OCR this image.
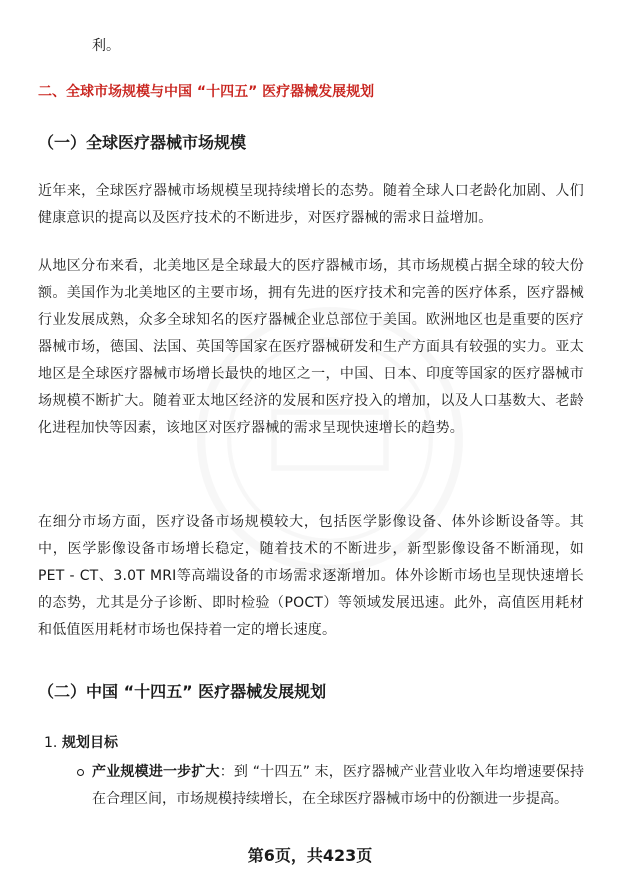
利。
二、全球市场规模与中国 “十四五” 医疗器械发展规划
（一）全球医疗器械市场规模

近年来，全球医疗器械市场规模呈现持续增长的态势。随着全球人口老龄化加剧、人们健康意识的提高以及医疗技术的不断进步，对医疗器械的需求日益增加。

从地区分布来看，北美地区是全球最大的医疗器械市场，其市场规模占据全球的较大份额。美国作为北美地区的主要市场，拥有先进的医疗技术和完善的医疗体系，医疗器械行业发展成熟，众多全球知名的医疗器械企业总部位于美国。欧洲地区也是重要的医疗器械市场，德国、法国、英国等国家在医疗器械研发和生产方面具有较强的实力。亚太地区是全球医疗器械市场增长最快的地区之一，中国、日本、印度等国家的医疗器械市场规模不断扩大。随着亚太地区经济的发展和医疗投入的增加，以及人口基数大、老龄化进程加快等因素，该地区对医疗器械的需求呈现快速增长的趋势。

在细分市场方面，医疗设备市场规模较大，包括医学影像设备、体外诊断设备等。其中，医学影像设备市场增长稳定，随着技术的不断进步，新型影像设备不断涌现，如PET - CT、3.0T MRI等高端设备的市场需求逐渐增加。体外诊断市场也呈现快速增长的态势，尤其是分子诊断、即时检验（POCT）等领域发展迅速。此外，高值医用耗材和低值医用耗材市场也保持着一定的增长速度。

（二）中国 “十四五” 医疗器械发展规划
1. 规划目标
产业规模进一步扩大：到 “十四五” 末，医疗器械产业营业收入年均增速要保持在合理区间，市场规模持续增长，在全球医疗器械市场中的份额进一步提高。
第6页，共423页
